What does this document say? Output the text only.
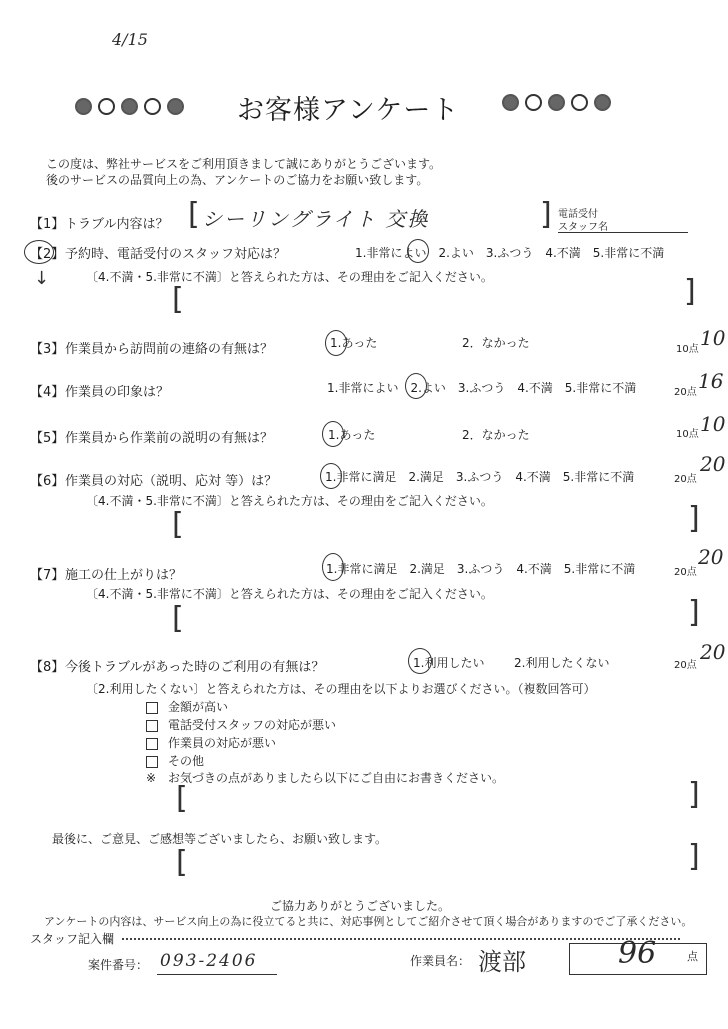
4/15
お客様アンケート
この度は、弊社サービスをご利用頂きまして誠にありがとうございます。
後のサービスの品質向上の為、アンケートのご協力をお願い致します。
【1】 トラブル内容は？ [ シーリングライト 交換	] 電話受付
スタッフ名
【2】 予約時、電話受付のスタッフ対応は？	1.非常によい　2.よい　3.ふつう　4.不満　5.非常に不満
↓	〔4.不満・5.非常に不満〕と答えられた方は、その理由をご記入ください。
[	]
【3】 作業員から訪問前の連絡の有無は？	1.あった	2．なかった	10点 10
【4】 作業員の印象は？	1.非常によい　2.よい　3.ふつう　4.不満　5.非常に不満	20点 16
【5】 作業員から作業前の説明の有無は？	1.あった	2．なかった	10点 10
【6】 作業員の対応（説明、応対 等）は？	1.非常に満足　2.満足　3.ふつう　4.不満　5.非常に不満	20点
20
〔4.不満・5.非常に不満〕と答えられた方は、その理由をご記入ください。
[	]
【7】 施工の仕上がりは？	1.非常に満足　2.満足　3.ふつう　4.不満　5.非常に不満	20点
20
〔4.不満・5.非常に不満〕と答えられた方は、その理由をご記入ください。
[	]
【8】 今後トラブルがあった時のご利用の有無は？	1.利用したい 2.利用したくない	20点
20
〔2.利用したくない〕と答えられた方は、その理由を以下よりお選びください。（複数回答可）
金額が高い
電話受付スタッフの対応が悪い
作業員の対応が悪い
その他
※　お気づきの点がありましたら以下にご自由にお書きください。
[	]
最後に、ご意見、ご感想等ございましたら、お願い致します。
[	]
ご協力ありがとうございました。
アンケートの内容は、サービス向上の為に役立てると共に、対応事例としてご紹介させて頂く場合がありますのでご了承ください。
スタッフ記入欄
案件番号： 093-2406	作業員名： 渡部	96	点
